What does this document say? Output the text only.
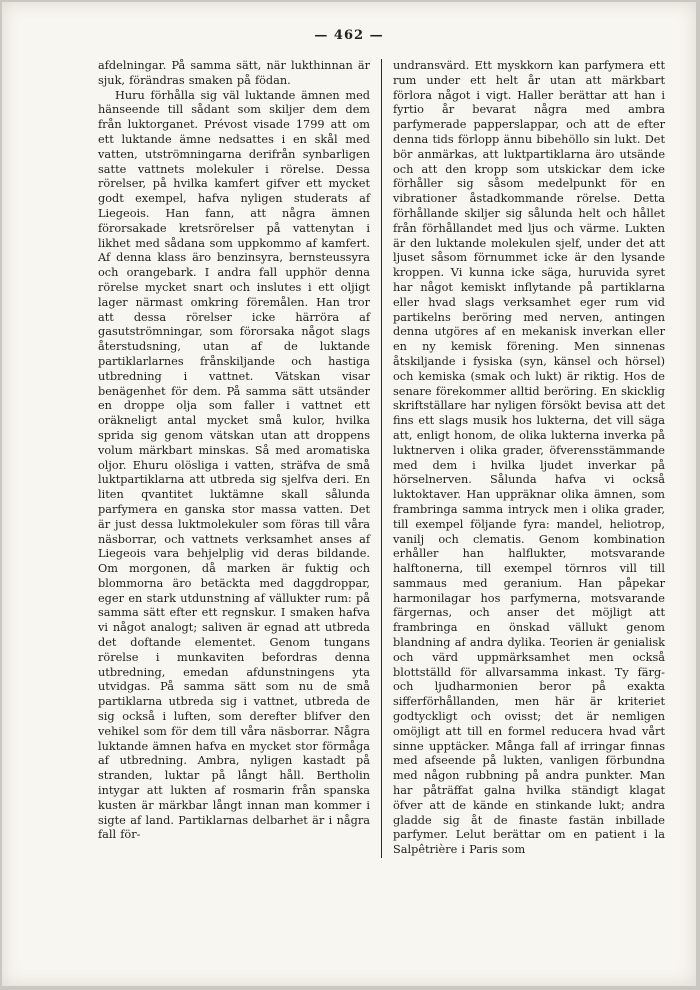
— 462 —

afdelningar. På samma sätt, när lukthinnan är sjuk, förändras smaken på födan.

Huru förhålla sig väl luktande ämnen med hänseende till sådant som skiljer dem dem från luktorganet. Prévost visade 1799 att om ett luktande ämne nedsattes i en skål med vatten, utströmningarna derifrån synbarligen satte vattnets molekuler i rörelse. Dessa rörelser, på hvilka kamfert gifver ett mycket godt exempel, hafva nyligen studerats af Liegeois. Han fann, att några ämnen förorsakade kretsrörelser på vattenytan i likhet med sådana som uppkommo af kamfert. Af denna klass äro benzinsyra, bernsteussyra och orangebark. I andra fall upphör denna rörelse mycket snart och inslutes i ett oljigt lager närmast omkring föremålen. Han tror att dessa rörelser icke härröra af gasutströmningar, som förorsaka något slags återstudsning, utan af de luktande partiklarlarnes frånskiljande och hastiga utbredning i vattnet. Vätskan visar benägenhet för dem. På samma sätt utsänder en droppe olja som faller i vattnet ett oräkneligt antal mycket små kulor, hvilka sprida sig genom vätskan utan att droppens volum märkbart minskas. Så med aromatiska oljor. Ehuru olösliga i vatten, sträfva de små luktpartiklarna att utbreda sig sjelfva deri. En liten qvantitet luktämne skall sålunda parfymera en ganska stor massa vatten. Det är just dessa luktmolekuler som föras till våra näsborrar, och vattnets verksamhet anses af Liegeois vara behjelplig vid deras bildande. Om morgonen, då marken är fuktig och blommorna äro betäckta med daggdroppar, eger en stark utdunstning af vällukter rum: på samma sätt efter ett regnskur. I smaken hafva vi något analogt; saliven är egnad att utbreda det doftande elementet. Genom tungans rörelse i munkaviten befordras denna utbredning, emedan afdunstningens yta utvidgas. På samma sätt som nu de små partiklarna utbreda sig i vattnet, utbreda de sig också i luften, som derefter blifver den vehikel som för dem till våra näsborrar. Några luktande ämnen hafva en mycket stor förmåga af utbredning. Ambra, nyligen kastadt på stranden, luktar på långt håll. Bertholin intygar att lukten af rosmarin från spanska kusten är märkbar långt innan man kommer i sigte af land. Partiklarnas delbarhet är i några fall för-

undransvärd. Ett myskkorn kan parfymera ett rum under ett helt år utan att märkbart förlora något i vigt. Haller berättar att han i fyrtio år bevarat några med ambra parfymerade papperslappar, och att de efter denna tids förlopp ännu bibehöllo sin lukt. Det bör anmärkas, att luktpartiklarna äro utsände och att den kropp som utskickar dem icke förhåller sig såsom medelpunkt för en vibrationer åstadkommande rörelse. Detta förhållande skiljer sig sålunda helt och hållet från förhållandet med ljus och värme. Lukten är den luktande molekulen sjelf, under det att ljuset såsom förnummet icke är den lysande kroppen. Vi kunna icke säga, huruvida syret har något kemiskt inflytande på partiklarna eller hvad slags verksamhet eger rum vid partikelns beröring med nerven, antingen denna utgöres af en mekanisk inverkan eller en ny kemisk förening. Men sinnenas åtskiljande i fysiska (syn, känsel och hörsel) och kemiska (smak och lukt) är riktig. Hos de senare förekommer alltid beröring. En skicklig skriftställare har nyligen försökt bevisa att det fins ett slags musik hos lukterna, det vill säga att, enligt honom, de olika lukterna inverka på luktnerven i olika grader, öfverensstämmande med dem i hvilka ljudet inverkar på hörselnerven. Sålunda hafva vi också luktoktaver. Han uppräknar olika ämnen, som frambringa samma intryck men i olika grader, till exempel följande fyra: mandel, heliotrop, vanilj och clematis. Genom kombination erhåller han halflukter, motsvarande halftonerna, till exempel törnros vill till sammaus med geranium. Han påpekar harmonilagar hos parfymerna, motsvarande färgernas, och anser det möjligt att frambringa en önskad vällukt genom blandning af andra dylika. Teorien är genialisk och värd uppmärksamhet men också blottställd för allvarsamma inkast. Ty färg- och ljudharmonien beror på exakta sifferförhållanden, men här är kriteriet godtyckligt och ovisst; det är nemligen omöjligt att till en formel reducera hvad vårt sinne upptäcker. Många fall af irringar finnas med afseende på lukten, vanligen förbundna med någon rubbning på andra punkter. Man har påträffat galna hvilka ständigt klagat öfver att de kände en stinkande lukt; andra gladde sig åt de finaste fastän inbillade parfymer. Lelut berättar om en patient i la Salpêtrière i Paris som
